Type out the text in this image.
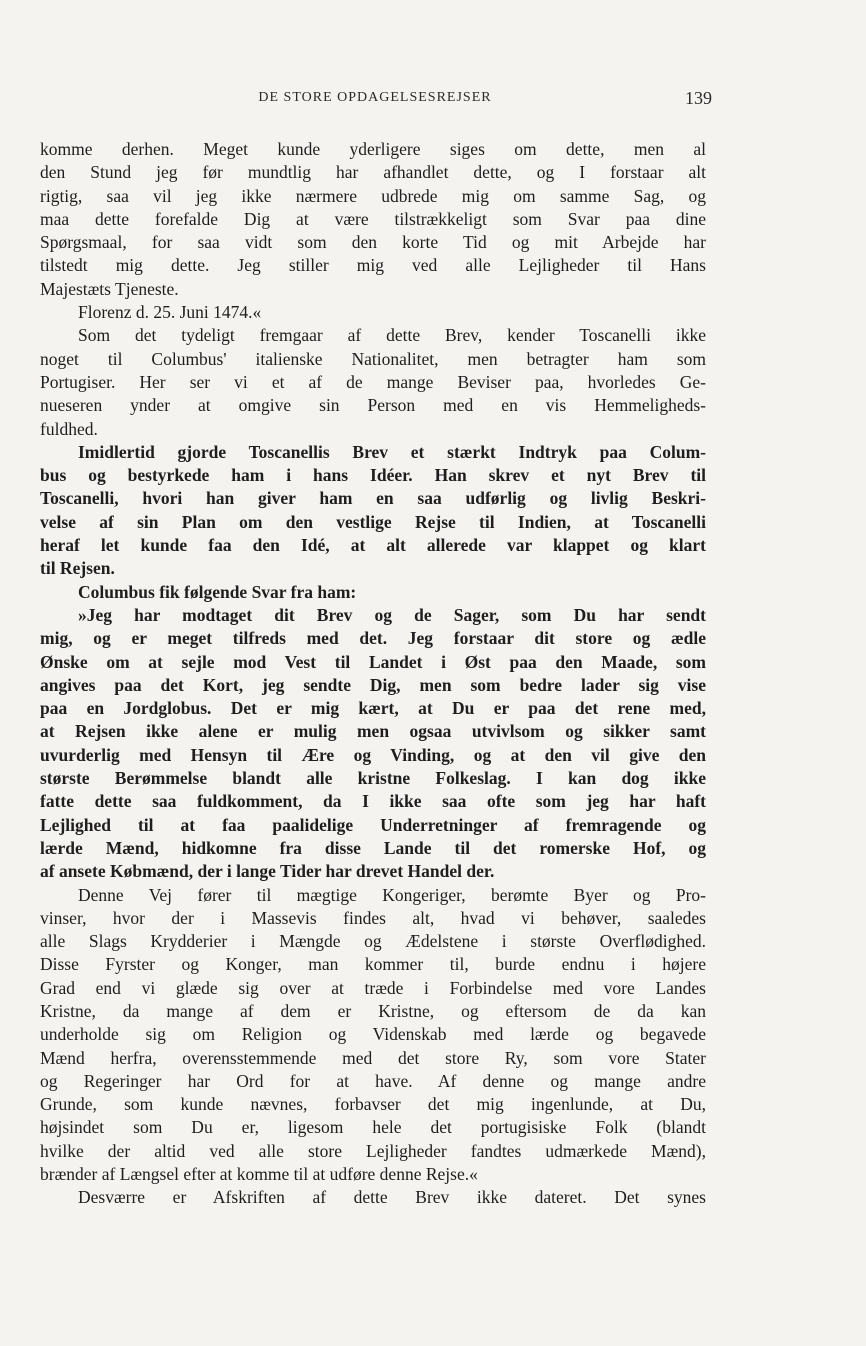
DE STORE OPDAGELSESREJSER	139
komme derhen. Meget kunde yderligere siges om dette, men al
den Stund jeg før mundtlig har afhandlet dette, og I forstaar alt
rigtig, saa vil jeg ikke nærmere udbrede mig om samme Sag, og
maa dette forefalde Dig at være tilstrækkeligt som Svar paa dine
Spørgsmaal, for saa vidt som den korte Tid og mit Arbejde har
tilstedt mig dette. Jeg stiller mig ved alle Lejligheder til Hans
Majestæts Tjeneste.
Florenz d. 25. Juni 1474.«
Som det tydeligt fremgaar af dette Brev, kender Toscanelli ikke
noget til Columbus' italienske Nationalitet, men betragter ham som
Portugiser. Her ser vi et af de mange Beviser paa, hvorledes Ge-
nueseren ynder at omgive sin Person med en vis Hemmeligheds-
fuldhed.
Imidlertid gjorde Toscanellis Brev et stærkt Indtryk paa Colum-
bus og bestyrkede ham i hans Idéer. Han skrev et nyt Brev til
Toscanelli, hvori han giver ham en saa udførlig og livlig Beskri-
velse af sin Plan om den vestlige Rejse til Indien, at Toscanelli
heraf let kunde faa den Idé, at alt allerede var klappet og klart
til Rejsen.
Columbus fik følgende Svar fra ham:
»Jeg har modtaget dit Brev og de Sager, som Du har sendt
mig, og er meget tilfreds med det. Jeg forstaar dit store og ædle
Ønske om at sejle mod Vest til Landet i Øst paa den Maade, som
angives paa det Kort, jeg sendte Dig, men som bedre lader sig vise
paa en Jordglobus. Det er mig kært, at Du er paa det rene med,
at Rejsen ikke alene er mulig men ogsaa utvivlsom og sikker samt
uvurderlig med Hensyn til Ære og Vinding, og at den vil give den
største Berømmelse blandt alle kristne Folkeslag. I kan dog ikke
fatte dette saa fuldkomment, da I ikke saa ofte som jeg har haft
Lejlighed til at faa paalidelige Underretninger af fremragende og
lærde Mænd, hidkomne fra disse Lande til det romerske Hof, og
af ansete Købmænd, der i lange Tider har drevet Handel der.
Denne Vej fører til mægtige Kongeriger, berømte Byer og Pro-
vinser, hvor der i Massevis findes alt, hvad vi behøver, saaledes
alle Slags Krydderier i Mængde og Ædelstene i største Overflødighed.
Disse Fyrster og Konger, man kommer til, burde endnu i højere
Grad end vi glæde sig over at træde i Forbindelse med vore Landes
Kristne, da mange af dem er Kristne, og eftersom de da kan
underholde sig om Religion og Videnskab med lærde og begavede
Mænd herfra, overensstemmende med det store Ry, som vore Stater
og Regeringer har Ord for at have. Af denne og mange andre
Grunde, som kunde nævnes, forbavser det mig ingenlunde, at Du,
højsindet som Du er, ligesom hele det portugisiske Folk (blandt
hvilke der altid ved alle store Lejligheder fandtes udmærkede Mænd),
brænder af Længsel efter at komme til at udføre denne Rejse.«
Desværre er Afskriften af dette Brev ikke dateret. Det synes
